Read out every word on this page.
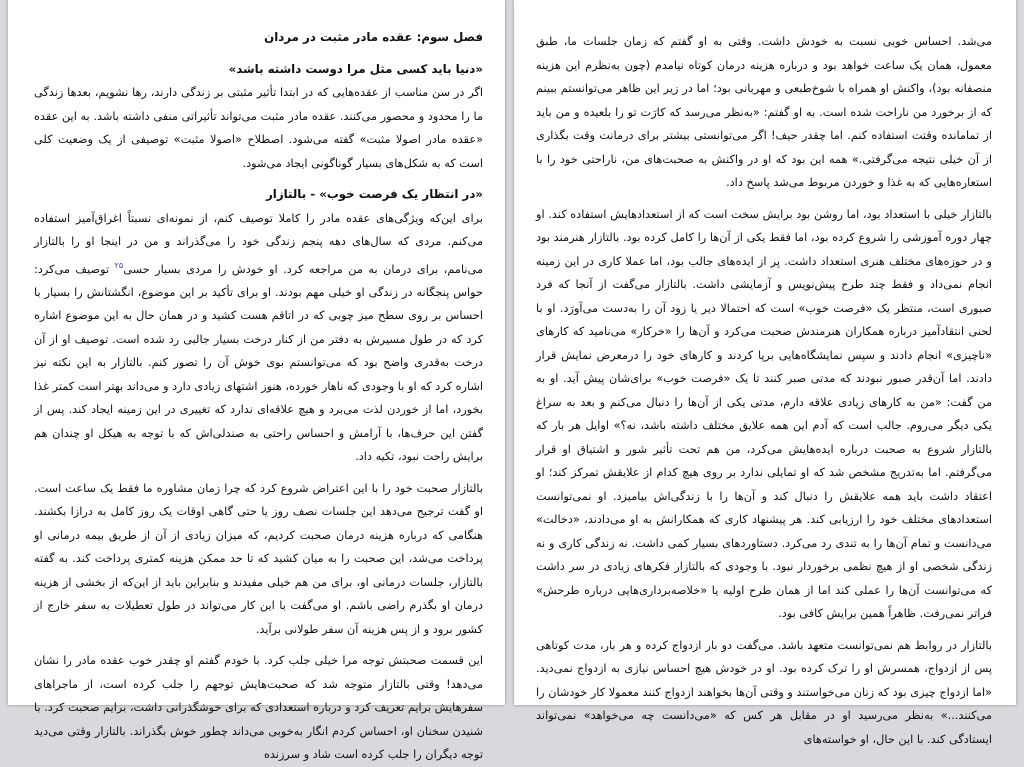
فصل سوم: عقده مادر مثبت در مردان

«دنیا باید کسی مثل مرا دوست داشته باشد»

اگر در سن مناسب از عقده‌هایی که در ابتدا تأثیر مثبتی بر زندگی دارند، رها نشویم، بعدها زندگی ما را محدود و محصور می‌کنند. عقده مادر مثبت می‌تواند تأثیراتی منفی داشته باشد. به این عقده «عقده مادر اصولا مثبت» گفته می‌شود. اصطلاح «اصولا مثبت» توصیفی از یک وضعیت کلی است که به شکل‌های بسیار گوناگونی ایجاد می‌شود.

«در انتظار یک فرصت خوب» - بالتازار

برای این‌که ویژگی‌های عقده مادر را کاملا توصیف کنم، از نمونه‌ای نسبتاً اغراق‌آمیز استفاده می‌کنم. مردی که سال‌های دهه پنجم زندگی خود را می‌گذراند و من در اینجا او را بالتازار می‌نامم، برای درمان به من مراجعه کرد. او خودش را مردی بسیار حسی$^{۲۵}$ توصیف می‌کرد: حواس پنجگانه در زندگی او خیلی مهم بودند. او برای تأکید بر این موضوع، انگشتانش را بسیار با احساس بر روی سطح میز چوبی که در اتاقم هست کشید و در همان حال به این موضوع اشاره کرد که در طول مسیرش به دفتر من از کنار درخت بسیار جالبی رد شده است. توصیف او از آن درخت به‌قدری واضح بود که می‌توانستم بوی خوش آن را تصور کنم. بالتازار به این نکته نیز اشاره کرد که او با وجودی که ناهار خورده، هنوز اشتهای زیادی دارد و می‌داند بهتر است کمتر غذا بخورد، اما از خوردن لذت می‌برد و هیچ علاقه‌ای ندارد که تغییری در این زمینه ایجاد کند. پس از گفتن این حرف‌ها، با آرامش و احساس راحتی به صندلی‌اش که با توجه به هیکل او چندان هم برایش راحت نبود، تکیه داد.

بالتازار صحبت خود را با این اعتراض شروع کرد که چرا زمان مشاوره ما فقط یک ساعت است. او گفت ترجیح می‌دهد این جلسات نصف روز یا حتی گاهی اوقات یک روز کامل به درازا بکشند. هنگامی که درباره هزینه درمان صحبت کردیم، که میزان زیادی از آن از طریق بیمه درمانی او پرداخت می‌شد، این صحبت را به میان کشید که تا حد ممکن هزینه کمتری پرداخت کند. به گفته بالتازار، جلسات درمانی او، برای من هم خیلی مفیدند و بنابراین باید از این‌که از بخشی از هزینه درمان او بگذرم راضی باشم. او می‌گفت با این کار می‌تواند در طول تعطیلات به سفر خارج از کشور برود و از پس هزینه آن سفر طولانی برآید.

این قسمت صحبتش توجه مرا خیلی جلب کرد. با خودم گفتم او چقدر خوب عقده مادر را نشان می‌دهد! وقتی بالتازار متوجه شد که صحبت‌هایش توجهم را جلب کرده است، از ماجراهای سفرهایش برایم تعریف کرد و درباره استعدادی که برای خوشگذرانی داشت، برایم صحبت کرد. با شنیدن سخنان او، احساس کردم انگار به‌خوبی می‌داند چطور خوش بگذراند. بالتازار وقتی می‌دید توجه دیگران را جلب کرده است شاد و سرزنده

می‌شد. احساس خوبی نسبت به خودش داشت. وقتی به او گفتم که زمان جلسات ما، طبق معمول، همان یک ساعت خواهد بود و درباره هزینه درمان کوتاه نیامدم (چون به‌نظرم این هزینه منصفانه بود)، واکنش او همراه با شوخ‌طبعی و مهربانی بود؛ اما در زیر این ظاهر می‌توانستم ببینم که از برخورد من ناراحت شده است. به او گفتم: «به‌نظر می‌رسد که کارَت تو را بلعیده و من باید از تمامانده وقتت استفاده کنم. اما چقدر حیف! اگر می‌توانستی بیشتر برای درمانت وقت بگذاری از آن خیلی نتیجه می‌گرفتی.» همه این بود که او در واکنش به صحبت‌های من، ناراحتی خود را با استعاره‌هایی که به غذا و خوردن مربوط می‌شد پاسخ داد.

بالتازار خیلی با استعداد بود، اما روشن بود برایش سخت است که از استعدادهایش استفاده کند. او چهار دوره آموزشی را شروع کرده بود، اما فقط یکی از آن‌ها را کامل کرده بود. بالتازار هنرمند بود و در حوزه‌های مختلف هنری استعداد داشت. پر از ایده‌های جالب بود، اما عملا کاری در این زمینه انجام نمی‌داد و فقط چند طرح پیش‌نویس و آزمایشی داشت. بالتازار می‌گفت از آنجا که فرد صبوری است، منتظر یک «فرصت خوب» است که احتمالا دیر یا زود آن را به‌دست می‌آورَد. او با لحنی انتقادآمیز درباره همکاران هنرمندش صحبت می‌کرد و آن‌ها را «خرکار» می‌نامید که کارهای «ناچیزی» انجام دادند و سپس نمایشگاه‌هایی برپا کردند و کارهای خود را درمعرض نمایش قرار دادند. اما آن‌قدر صبور نبودند که مدتی صبر کنند تا یک «فرصت خوب» برای‌شان پیش آید. او به من گفت: «من به کارهای زیادی علاقه دارم، مدتی یکی از آن‌ها را دنبال می‌کنم و بعد به سراغ یکی دیگر می‌روم. جالب است که آدم این همه علایق مختلف داشته باشد، نه؟» اوایل هر بار که بالتازار شروع به صحبت درباره ایده‌هایش می‌کرد، من هم تحت تأثیر شور و اشتیاق او قرار می‌گرفتم. اما به‌تدریج مشخص شد که او تمایلی ندارد بر روی هیچ کدام از علایقش تمرکز کند؛ او اعتقاد داشت باید همه علایقش را دنبال کند و آن‌ها را با زندگی‌اش بیامیزد. او نمی‌توانست استعدادهای مختلف خود را ارزیابی کند. هر پیشنهاد کاری که همکارانش به او می‌دادند، «دخالت» می‌دانست و تمام آن‌ها را به تندی رد می‌کرد. دستاوردهای بسیار کمی داشت. نه زندگی کاری و نه زندگی شخصی او از هیچ نظمی برخوردار نبود. با وجودی که بالتازار فکرهای زیادی در سر داشت که می‌توانست آن‌ها را عملی کند اما از همان طرح اولیه یا «خلاصه‌برداری‌هایی درباره طرحش» فراتر نمی‌رفت. ظاهراً همین برایش کافی بود.

بالتازار در روابط هم نمی‌توانست متعهد باشد. می‌گفت دو بار ازدواج کرده و هر بار، مدت کوتاهی پس از ازدواج، همسرش او را ترک کرده بود. او در خودش هیچ احساس نیازی به ازدواج نمی‌دید. «اما ازدواج چیزی بود که زنان می‌خواستند و وقتی آن‌ها بخواهند ازدواج کنند معمولا کار خودشان را می‌کنند...» به‌نظر می‌رسید او در مقابل هر کس که «می‌دانست چه می‌خواهد» نمی‌تواند ایستادگی کند. با این حال، او خواسته‌های
